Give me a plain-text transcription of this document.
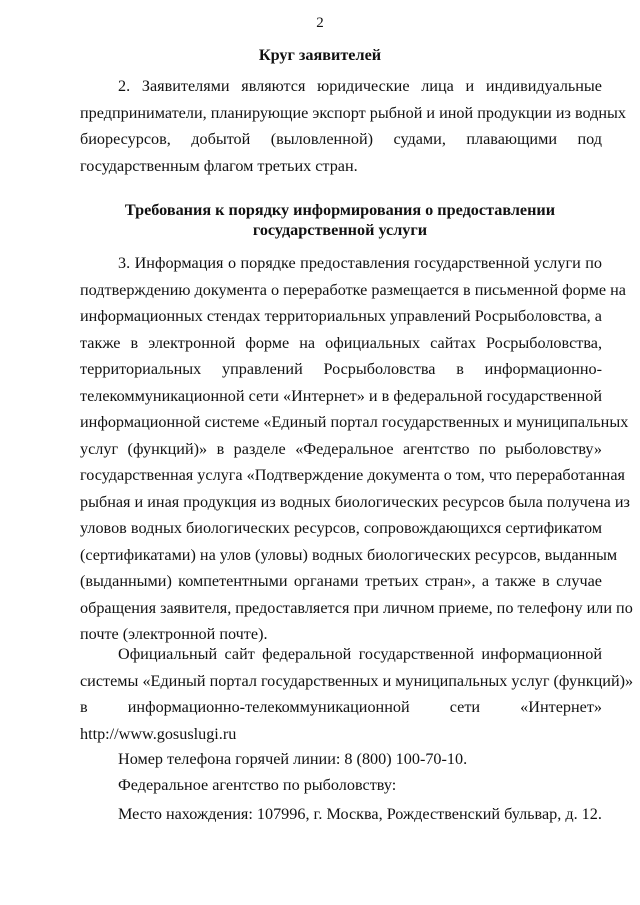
2
Круг заявителей
2. Заявителями являются юридические лица и индивидуальные
предприниматели, планирующие экспорт рыбной и иной продукции из водных
биоресурсов, добытой (выловленной) судами, плавающими под
государственным флагом третьих стран.
Требования к порядку информирования о предоставлении
государственной услуги
3. Информация о порядке предоставления государственной услуги по
подтверждению документа о переработке размещается в письменной форме на
информационных стендах территориальных управлений Росрыболовства, а
также в электронной форме на официальных сайтах Росрыболовства,
территориальных управлений Росрыболовства в информационно-
телекоммуникационной сети «Интернет» и в федеральной государственной
информационной системе «Единый портал государственных и муниципальных
услуг (функций)» в разделе «Федеральное агентство по рыболовству»
государственная услуга «Подтверждение документа о том, что переработанная
рыбная и иная продукция из водных биологических ресурсов была получена из
уловов водных биологических ресурсов, сопровождающихся сертификатом
(сертификатами) на улов (уловы) водных биологических ресурсов, выданным
(выданными) компетентными органами третьих стран», а также в случае
обращения заявителя, предоставляется при личном приеме, по телефону или по
почте (электронной почте).
Официальный сайт федеральной государственной информационной
системы «Единый портал государственных и муниципальных услуг (функций)»
в информационно-телекоммуникационной сети «Интернет»
http://www.gosuslugi.ru
Номер телефона горячей линии: 8 (800) 100-70-10.
Федеральное агентство по рыболовству:
Место нахождения: 107996, г. Москва, Рождественский бульвар, д. 12.
